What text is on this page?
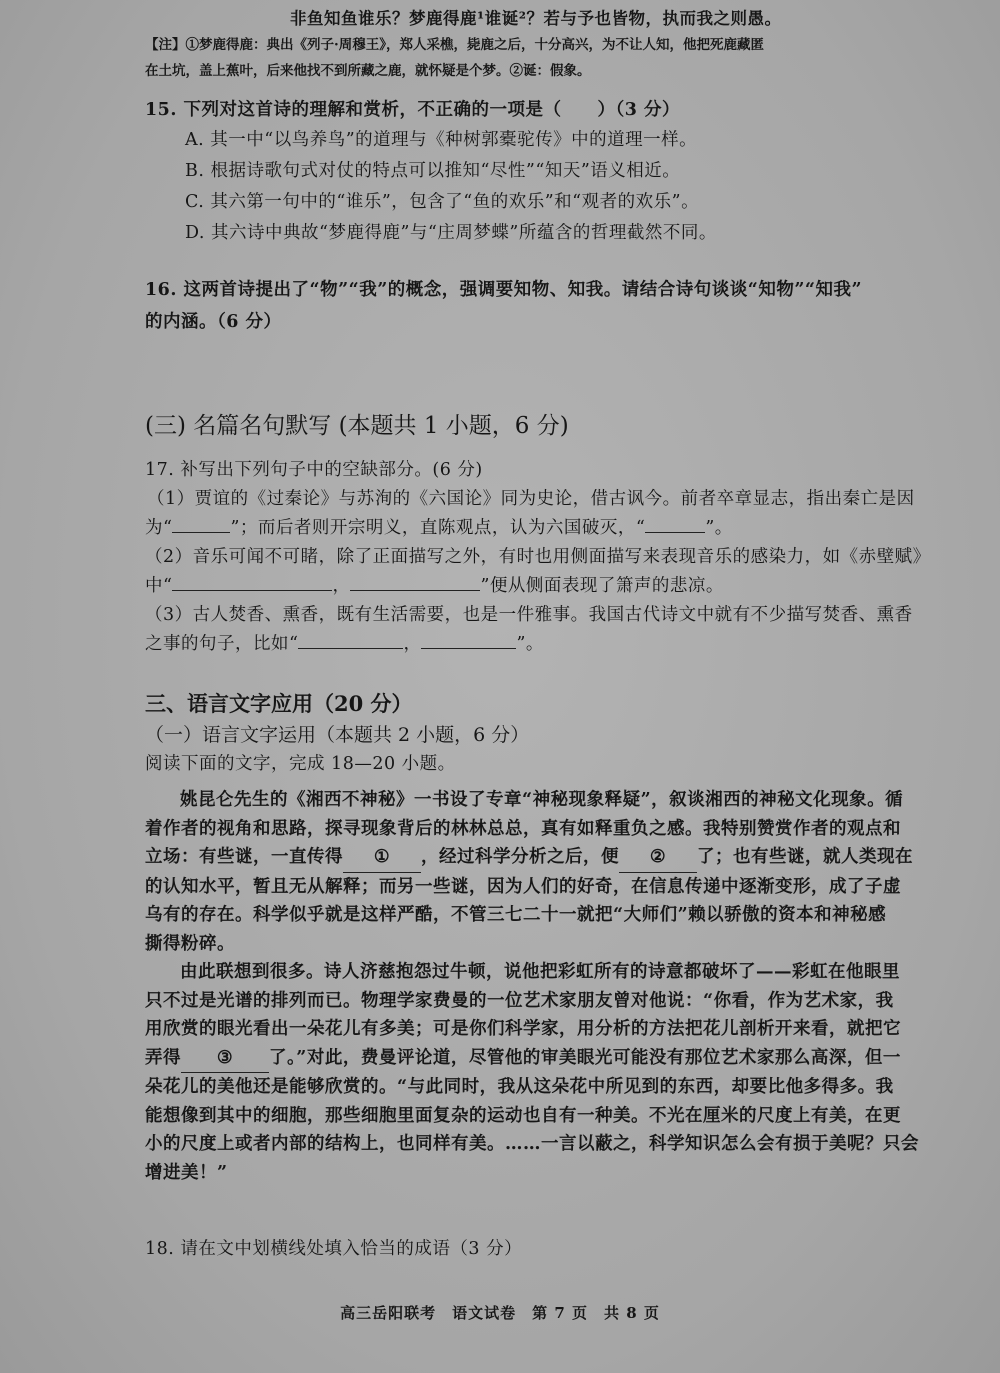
非鱼知鱼谁乐？梦鹿得鹿¹谁诞²？若与予也皆物，执而我之则愚。
【注】①梦鹿得鹿：典出《列子·周穆王》，郑人采樵，毙鹿之后，十分高兴，为不让人知，他把死鹿藏匿
在土坑，盖上蕉叶，后来他找不到所藏之鹿，就怀疑是个梦。②诞：假象。
15. 下列对这首诗的理解和赏析，不正确的一项是（　　）（3 分）
A. 其一中“以鸟养鸟”的道理与《种树郭橐驼传》中的道理一样。
B. 根据诗歌句式对仗的特点可以推知“尽性”“知天”语义相近。
C. 其六第一句中的“谁乐”，包含了“鱼的欢乐”和“观者的欢乐”。
D. 其六诗中典故“梦鹿得鹿”与“庄周梦蝶”所蕴含的哲理截然不同。
16. 这两首诗提出了“物”“我”的概念，强调要知物、知我。请结合诗句谈谈“知物”“知我”
的内涵。（6 分）
(三) 名篇名句默写 (本题共 1 小题，6 分)
17. 补写出下列句子中的空缺部分。(6 分)
（1）贾谊的《过秦论》与苏洵的《六国论》同为史论，借古讽今。前者卒章显志，指出秦亡是因
为“	”；而后者则开宗明义，直陈观点，认为六国破灭，“	”。
（2）音乐可闻不可睹，除了正面描写之外，有时也用侧面描写来表现音乐的感染力，如《赤壁赋》
中“	，	”便从侧面表现了箫声的悲凉。
（3）古人焚香、熏香，既有生活需要，也是一件雅事。我国古代诗文中就有不少描写焚香、熏香
之事的句子，比如“	，	”。
三、语言文字应用（20 分）
（一）语言文字运用（本题共 2 小题，6 分）
阅读下面的文字，完成 18—20 小题。
姚昆仑先生的《湘西不神秘》一书设了专章“神秘现象释疑”，叙谈湘西的神秘文化现象。循
着作者的视角和思路，探寻现象背后的林林总总，真有如释重负之感。我特别赞赏作者的观点和
立场：有些谜，一直传得 ① ，经过科学分析之后，便 ② 了；也有些谜，就人类现在
的认知水平，暂且无从解释；而另一些谜，因为人们的好奇，在信息传递中逐渐变形，成了子虚
乌有的存在。科学似乎就是这样严酷，不管三七二十一就把“大师们”赖以骄傲的资本和神秘感
撕得粉碎。
由此联想到很多。诗人济慈抱怨过牛顿，说他把彩虹所有的诗意都破坏了——彩虹在他眼里
只不过是光谱的排列而已。物理学家费曼的一位艺术家朋友曾对他说：“你看，作为艺术家，我
用欣赏的眼光看出一朵花儿有多美；可是你们科学家，用分析的方法把花儿剖析开来看，就把它
弄得 ③ 了。”对此，费曼评论道，尽管他的审美眼光可能没有那位艺术家那么高深，但一
朵花儿的美他还是能够欣赏的。“与此同时，我从这朵花中所见到的东西，却要比他多得多。我
能想像到其中的细胞，那些细胞里面复杂的运动也自有一种美。不光在厘米的尺度上有美，在更
小的尺度上或者内部的结构上，也同样有美。……一言以蔽之，科学知识怎么会有损于美呢？只会
增进美！”
18. 请在文中划横线处填入恰当的成语（3 分）
高三岳阳联考　语文试卷　第 7 页　共 8 页
